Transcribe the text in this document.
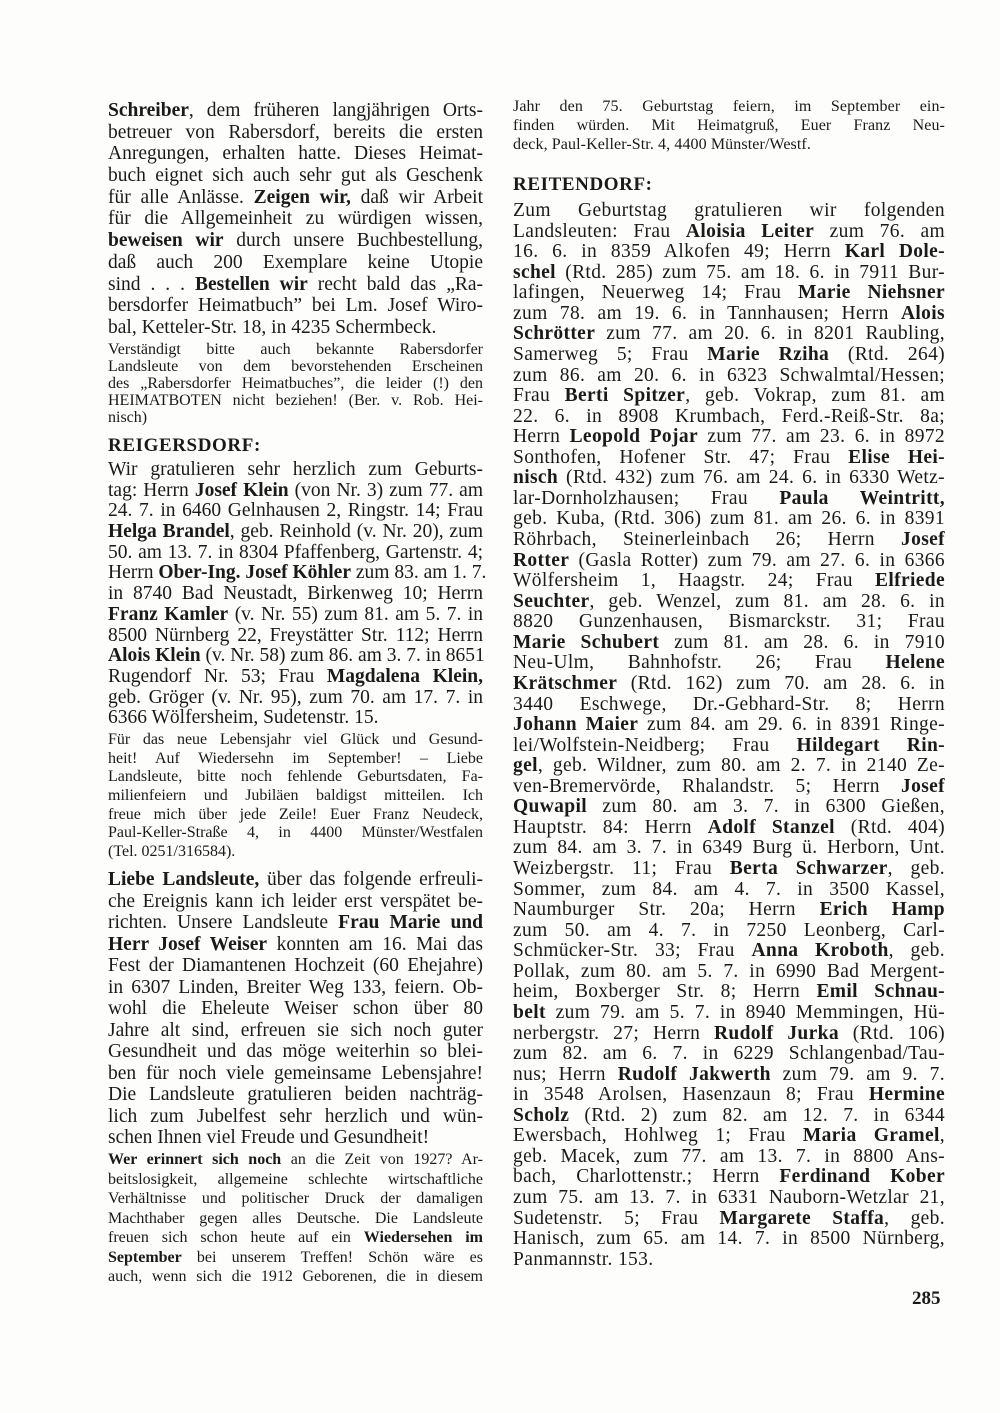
Schreiber, dem früheren langjährigen Orts-
betreuer von Rabersdorf, bereits die ersten
Anregungen, erhalten hatte. Dieses Heimat-
buch eignet sich auch sehr gut als Geschenk
für alle Anlässe. Zeigen wir, daß wir Arbeit
für die Allgemeinheit zu würdigen wissen,
beweisen wir durch unsere Buchbestellung,
daß auch 200 Exemplare keine Utopie
sind . . . Bestellen wir recht bald das „Ra-
bersdorfer Heimatbuch” bei Lm. Josef Wiro-
bal, Ketteler-Str. 18, in 4235 Schermbeck.
Verständigt bitte auch bekannte Rabersdorfer
Landsleute von dem bevorstehenden Erscheinen
des „Rabersdorfer Heimatbuches”, die leider (!) den
HEIMATBOTEN nicht beziehen! (Ber. v. Rob. Hei-
nisch)
REIGERSDORF:
Wir gratulieren sehr herzlich zum Geburts-
tag: Herrn Josef Klein (von Nr. 3) zum 77. am
24. 7. in 6460 Gelnhausen 2, Ringstr. 14; Frau
Helga Brandel, geb. Reinhold (v. Nr. 20), zum
50. am 13. 7. in 8304 Pfaffenberg, Gartenstr. 4;
Herrn Ober-Ing. Josef Köhler zum 83. am 1. 7.
in 8740 Bad Neustadt, Birkenweg 10; Herrn
Franz Kamler (v. Nr. 55) zum 81. am 5. 7. in
8500 Nürnberg 22, Freystätter Str. 112; Herrn
Alois Klein (v. Nr. 58) zum 86. am 3. 7. in 8651
Rugendorf Nr. 53; Frau Magdalena Klein,
geb. Gröger (v. Nr. 95), zum 70. am 17. 7. in
6366 Wölfersheim, Sudetenstr. 15.
Für das neue Lebensjahr viel Glück und Gesund-
heit! Auf Wiedersehn im September! – Liebe
Landsleute, bitte noch fehlende Geburtsdaten, Fa-
milienfeiern und Jubiläen baldigst mitteilen. Ich
freue mich über jede Zeile! Euer Franz Neudeck,
Paul-Keller-Straße 4, in 4400 Münster/Westfalen
(Tel. 0251/316584).
Liebe Landsleute, über das folgende erfreuli-
che Ereignis kann ich leider erst verspätet be-
richten. Unsere Landsleute Frau Marie und
Herr Josef Weiser konnten am 16. Mai das
Fest der Diamantenen Hochzeit (60 Ehejahre)
in 6307 Linden, Breiter Weg 133, feiern. Ob-
wohl die Eheleute Weiser schon über 80
Jahre alt sind, erfreuen sie sich noch guter
Gesundheit und das möge weiterhin so blei-
ben für noch viele gemeinsame Lebensjahre!
Die Landsleute gratulieren beiden nachträg-
lich zum Jubelfest sehr herzlich und wün-
schen Ihnen viel Freude und Gesundheit!
Wer erinnert sich noch an die Zeit von 1927? Ar-
beitslosigkeit, allgemeine schlechte wirtschaftliche
Verhältnisse und politischer Druck der damaligen
Machthaber gegen alles Deutsche. Die Landsleute
freuen sich schon heute auf ein Wiedersehen im
September bei unserem Treffen! Schön wäre es
auch, wenn sich die 1912 Geborenen, die in diesem
Jahr den 75. Geburtstag feiern, im September ein-
finden würden. Mit Heimatgruß, Euer Franz Neu-
deck, Paul-Keller-Str. 4, 4400 Münster/Westf.
REITENDORF:
Zum Geburtstag gratulieren wir folgenden
Landsleuten: Frau Aloisia Leiter zum 76. am
16. 6. in 8359 Alkofen 49; Herrn Karl Dole-
schel (Rtd. 285) zum 75. am 18. 6. in 7911 Bur-
lafingen, Neuerweg 14; Frau Marie Niehsner
zum 78. am 19. 6. in Tannhausen; Herrn Alois
Schrötter zum 77. am 20. 6. in 8201 Raubling,
Samerweg 5; Frau Marie Rziha (Rtd. 264)
zum 86. am 20. 6. in 6323 Schwalmtal/Hessen;
Frau Berti Spitzer, geb. Vokrap, zum 81. am
22. 6. in 8908 Krumbach, Ferd.-Reiß-Str. 8a;
Herrn Leopold Pojar zum 77. am 23. 6. in 8972
Sonthofen, Hofener Str. 47; Frau Elise Hei-
nisch (Rtd. 432) zum 76. am 24. 6. in 6330 Wetz-
lar-Dornholzhausen; Frau Paula Weintritt,
geb. Kuba, (Rtd. 306) zum 81. am 26. 6. in 8391
Röhrbach, Steinerleinbach 26; Herrn Josef
Rotter (Gasla Rotter) zum 79. am 27. 6. in 6366
Wölfersheim 1, Haagstr. 24; Frau Elfriede
Seuchter, geb. Wenzel, zum 81. am 28. 6. in
8820 Gunzenhausen, Bismarckstr. 31; Frau
Marie Schubert zum 81. am 28. 6. in 7910
Neu-Ulm, Bahnhofstr. 26; Frau Helene
Krätschmer (Rtd. 162) zum 70. am 28. 6. in
3440 Eschwege, Dr.-Gebhard-Str. 8; Herrn
Johann Maier zum 84. am 29. 6. in 8391 Ringe-
lei/Wolfstein-Neidberg; Frau Hildegart Rin-
gel, geb. Wildner, zum 80. am 2. 7. in 2140 Ze-
ven-Bremervörde, Rhalandstr. 5; Herrn Josef
Quwapil zum 80. am 3. 7. in 6300 Gießen,
Hauptstr. 84: Herrn Adolf Stanzel (Rtd. 404)
zum 84. am 3. 7. in 6349 Burg ü. Herborn, Unt.
Weizbergstr. 11; Frau Berta Schwarzer, geb.
Sommer, zum 84. am 4. 7. in 3500 Kassel,
Naumburger Str. 20a; Herrn Erich Hamp
zum 50. am 4. 7. in 7250 Leonberg, Carl-
Schmücker-Str. 33; Frau Anna Kroboth, geb.
Pollak, zum 80. am 5. 7. in 6990 Bad Mergent-
heim, Boxberger Str. 8; Herrn Emil Schnau-
belt zum 79. am 5. 7. in 8940 Memmingen, Hü-
nerbergstr. 27; Herrn Rudolf Jurka (Rtd. 106)
zum 82. am 6. 7. in 6229 Schlangenbad/Tau-
nus; Herrn Rudolf Jakwerth zum 79. am 9. 7.
in 3548 Arolsen, Hasenzaun 8; Frau Hermine
Scholz (Rtd. 2) zum 82. am 12. 7. in 6344
Ewersbach, Hohlweg 1; Frau Maria Gramel,
geb. Macek, zum 77. am 13. 7. in 8800 Ans-
bach, Charlottenstr.; Herrn Ferdinand Kober
zum 75. am 13. 7. in 6331 Nauborn-Wetzlar 21,
Sudetenstr. 5; Frau Margarete Staffa, geb.
Hanisch, zum 65. am 14. 7. in 8500 Nürnberg,
Panmannstr. 153.
285
